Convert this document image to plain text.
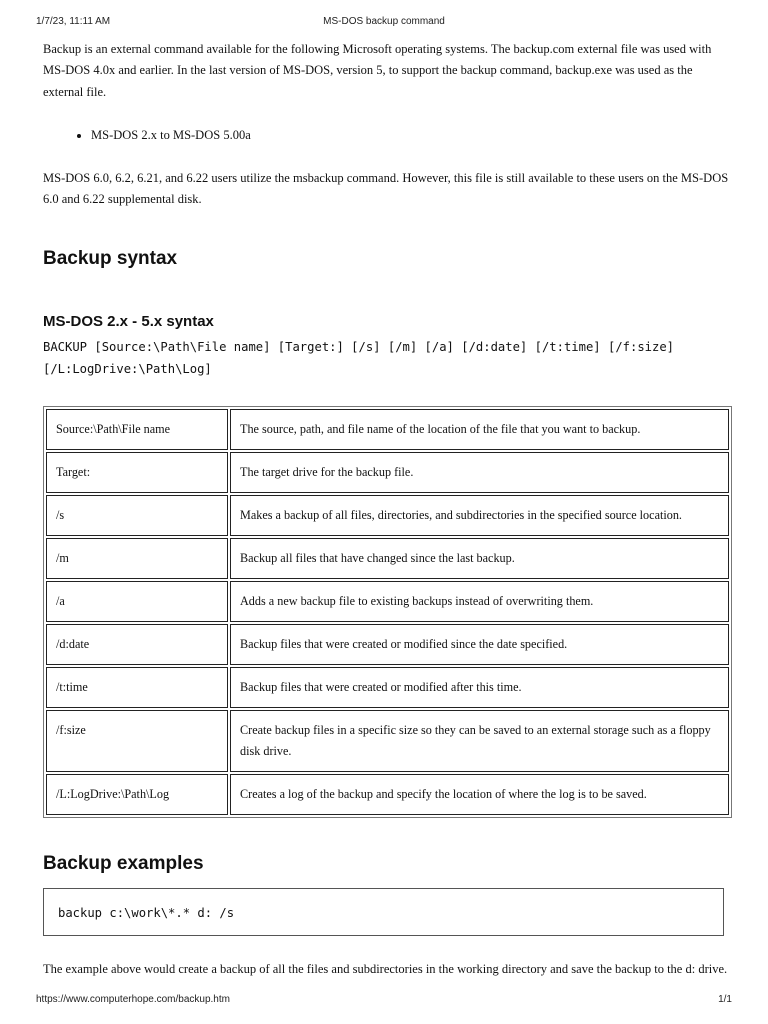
1/7/23, 11:11 AM	MS-DOS backup command

Backup is an external command available for the following Microsoft operating systems. The backup.com external file was used with MS-DOS 4.0x and earlier. In the last version of MS-DOS, version 5, to support the backup command, backup.exe was used as the external file.

• MS-DOS 2.x to MS-DOS 5.00a

MS-DOS 6.0, 6.2, 6.21, and 6.22 users utilize the msbackup command. However, this file is still available to these users on the MS-DOS 6.0 and 6.22 supplemental disk.

Backup syntax
MS-DOS 2.x - 5.x syntax
BACKUP [Source:\Path\File name] [Target:] [/s] [/m] [/a] [/d:date] [/t:time] [/f:size] [/L:LogDrive:\Path\Log]
Source:\Path\File name	The source, path, and file name of the location of the file that you want to backup.
Target:	The target drive for the backup file.
/s	Makes a backup of all files, directories, and subdirectories in the specified source location.
/m	Backup all files that have changed since the last backup.
/a	Adds a new backup file to existing backups instead of overwriting them.
/d:date	Backup files that were created or modified since the date specified.
/t:time	Backup files that were created or modified after this time.
/f:size	Create backup files in a specific size so they can be saved to an external storage such as a floppy disk drive.
/L:LogDrive:\Path\Log	Creates a log of the backup and specify the location of where the log is to be saved.
Backup examples
backup c:\work\*.* d: /s

The example above would create a backup of all the files and subdirectories in the working directory and save the backup to the d: drive.

https://www.computerhope.com/backup.htm	1/1
